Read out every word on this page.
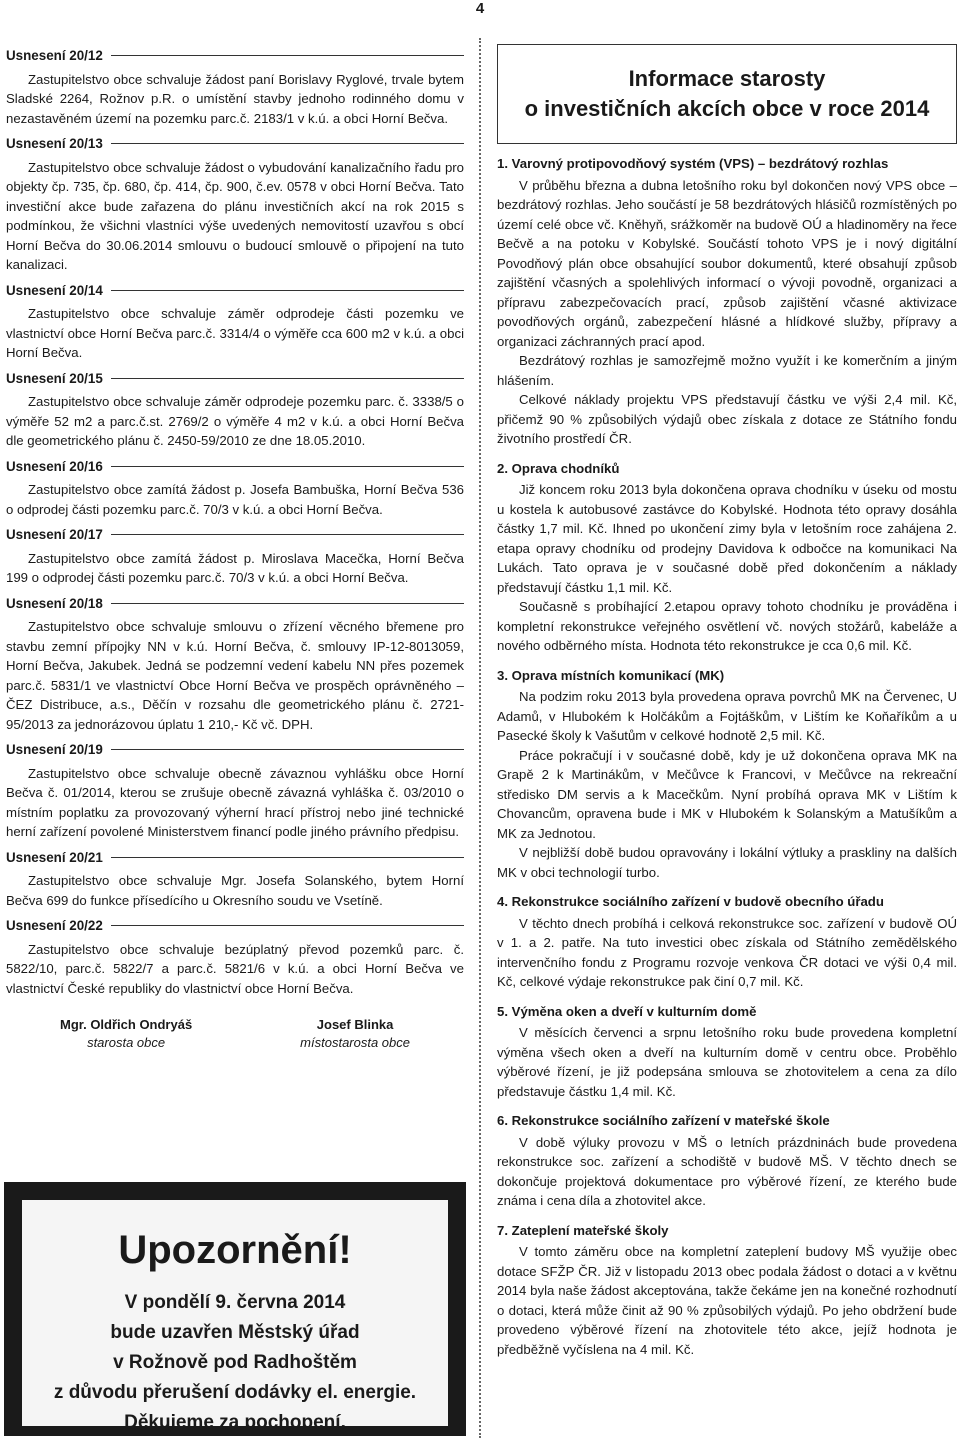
4
Usnesení 20/12
Zastupitelstvo obce schvaluje žádost paní Borislavy Ryglové, trvale bytem Sladské 2264, Rožnov p.R. o umístění stavby jednoho rodinného domu v nezastavěném území na pozemku parc.č. 2183/1 v k.ú. a obci Horní Bečva.
Usnesení 20/13
Zastupitelstvo obce schvaluje žádost o vybudování kanalizačního řadu pro objekty čp. 735, čp. 680, čp. 414, čp. 900, č.ev. 0578 v obci Horní Bečva. Tato investiční akce bude zařazena do plánu investičních akcí na rok 2015 s podmínkou, že všichni vlastníci výše uvedených nemovitostí uzavřou s obcí Horní Bečva do 30.06.2014 smlouvu o budoucí smlouvě o připojení na tuto kanalizaci.
Usnesení 20/14
Zastupitelstvo obce schvaluje záměr odprodeje části pozemku ve vlastnictví obce Horní Bečva parc.č. 3314/4 o výměře cca 600 m2 v k.ú. a obci Horní Bečva.
Usnesení 20/15
Zastupitelstvo obce schvaluje záměr odprodeje pozemku parc. č. 3338/5 o výměře 52 m2 a parc.č.st. 2769/2 o výměře 4 m2 v k.ú. a obci Horní Bečva dle geometrického plánu č. 2450-59/2010 ze dne 18.05.2010.
Usnesení 20/16
Zastupitelstvo obce zamítá žádost p. Josefa Bambuška, Horní Bečva 536 o odprodej části pozemku parc.č. 70/3 v k.ú. a obci Horní Bečva.
Usnesení 20/17
Zastupitelstvo obce zamítá žádost p. Miroslava Macečka, Horní Bečva 199 o odprodej části pozemku parc.č. 70/3 v k.ú. a obci Horní Bečva.
Usnesení 20/18
Zastupitelstvo obce schvaluje smlouvu o zřízení věcného břemene pro stavbu zemní přípojky NN v k.ú. Horní Bečva, č. smlouvy IP-12-8013059, Horní Bečva, Jakubek. Jedná se podzemní vedení kabelu NN přes pozemek parc.č. 5831/1 ve vlastnictví Obce Horní Bečva ve prospěch oprávněného – ČEZ Distribuce, a.s., Děčín v rozsahu dle geometrického plánu č. 2721-95/2013 za jednorázovou úplatu 1 210,- Kč vč. DPH.
Usnesení 20/19
Zastupitelstvo obce schvaluje obecně závaznou vyhlášku obce Horní Bečva č. 01/2014, kterou se zrušuje obecně závazná vyhláška č. 03/2010 o místním poplatku za provozovaný výherní hrací přístroj nebo jiné technické herní zařízení povolené Ministerstvem financí podle jiného právního předpisu.
Usnesení 20/21
Zastupitelstvo obce schvaluje Mgr. Josefa Solanského, bytem Horní Bečva 699 do funkce přísedícího u Okresního soudu ve Vsetíně.
Usnesení 20/22
Zastupitelstvo obce schvaluje bezúplatný převod pozemků parc. č. 5822/10, parc.č. 5822/7 a parc.č. 5821/6 v k.ú. a obci Horní Bečva ve vlastnictví České republiky do vlastnictví obce Horní Bečva.
Mgr. Oldřich Ondryáš
starosta obce
Josef Blinka
místostarosta obce
Upozornění!
V pondělí 9. června 2014
bude uzavřen Městský úřad
v Rožnově pod Radhoštěm
z důvodu přerušení dodávky el. energie.
Děkujeme za pochopení.
Informace starosty
o investičních akcích obce v roce 2014
1. Varovný protipovodňový systém (VPS) – bezdrátový rozhlas
V průběhu března a dubna letošního roku byl dokončen nový VPS obce – bezdrátový rozhlas. Jeho součástí je 58 bezdrátových hlásičů rozmístěných po území celé obce vč. Kněhyň, srážkoměr na budově OÚ a hladinoměry na řece Bečvě a na potoku v Kobylské. Součástí tohoto VPS je i nový digitální Povodňový plán obce obsahující soubor dokumentů, které obsahují způsob zajištění včasných a spolehlivých informací o vývoji povodně, organizaci a přípravu zabezpečovacích prací, způsob zajištění včasné aktivizace povodňových orgánů, zabezpečení hlásné a hlídkové služby, přípravy a organizaci záchranných prací apod.
Bezdrátový rozhlas je samozřejmě možno využít i ke komerčním a jiným hlášením.
Celkové náklady projektu VPS představují částku ve výši 2,4 mil. Kč, přičemž 90 % způsobilých výdajů obec získala z dotace ze Státního fondu životního prostředí ČR.
2. Oprava chodníků
Již koncem roku 2013 byla dokončena oprava chodníku v úseku od mostu u kostela k autobusové zastávce do Kobylské. Hodnota této opravy dosáhla částky 1,7 mil. Kč. Ihned po ukončení zimy byla v letošním roce zahájena 2. etapa opravy chodníku od prodejny Davidova k odbočce na komunikaci Na Lukách. Tato oprava je v současné době před dokončením a náklady představují částku 1,1 mil. Kč.
Současně s probíhající 2.etapou opravy tohoto chodníku je prováděna i kompletní rekonstrukce veřejného osvětlení vč. nových stožárů, kabeláže a nového odběrného místa. Hodnota této rekonstrukce je cca 0,6 mil. Kč.
3. Oprava místních komunikací (MK)
Na podzim roku 2013 byla provedena oprava povrchů MK na Červenec, U Adamů, v Hlubokém k Holčákům a Fojtáškům, v Lištím ke Koňaříkům a u Pasecké školy k Vašutům v celkové hodnotě 2,5 mil. Kč.
Práce pokračují i v současné době, kdy je už dokončena oprava MK na Grapě 2 k Martinákům, v Mečůvce k Francovi, v Mečůvce na rekreační středisko DM servis a k Macečkům. Nyní probíhá oprava MK v Lištím k Chovancům, opravena bude i MK v Hlubokém k Solanským a Matušíkům a MK za Jednotou.
V nejbližší době budou opravovány i lokální výtluky a praskliny na dalších MK v obci technologií turbo.
4. Rekonstrukce sociálního zařízení v budově obecního úřadu
V těchto dnech probíhá i celková rekonstrukce soc. zařízení v budově OÚ v 1. a 2. patře. Na tuto investici obec získala od Státního zemědělského intervenčního fondu z Programu rozvoje venkova ČR dotaci ve výši 0,4 mil. Kč, celkové výdaje rekonstrukce pak činí 0,7 mil. Kč.
5. Výměna oken a dveří v kulturním domě
V měsících červenci a srpnu letošního roku bude provedena kompletní výměna všech oken a dveří na kulturním domě v centru obce. Proběhlo výběrové řízení, je již podepsána smlouva se zhotovitelem a cena za dílo představuje částku 1,4 mil. Kč.
6. Rekonstrukce sociálního zařízení v mateřské škole
V době výluky provozu v MŠ o letních prázdninách bude provedena rekonstrukce soc. zařízení a schodiště v budově MŠ. V těchto dnech se dokončuje projektová dokumentace pro výběrové řízení, ze kterého bude známa i cena díla a zhotovitel akce.
7. Zateplení mateřské školy
V tomto záměru obce na kompletní zateplení budovy MŠ využije obec dotace SFŽP ČR. Již v listopadu 2013 obec podala žádost o dotaci a v květnu 2014 byla naše žádost akceptována, takže čekáme jen na konečné rozhodnutí o dotaci, která může činit až 90 % způsobilých výdajů. Po jeho obdržení bude provedeno výběrové řízení na zhotovitele této akce, jejíž hodnota je předběžně vyčíslena na 4 mil. Kč.
